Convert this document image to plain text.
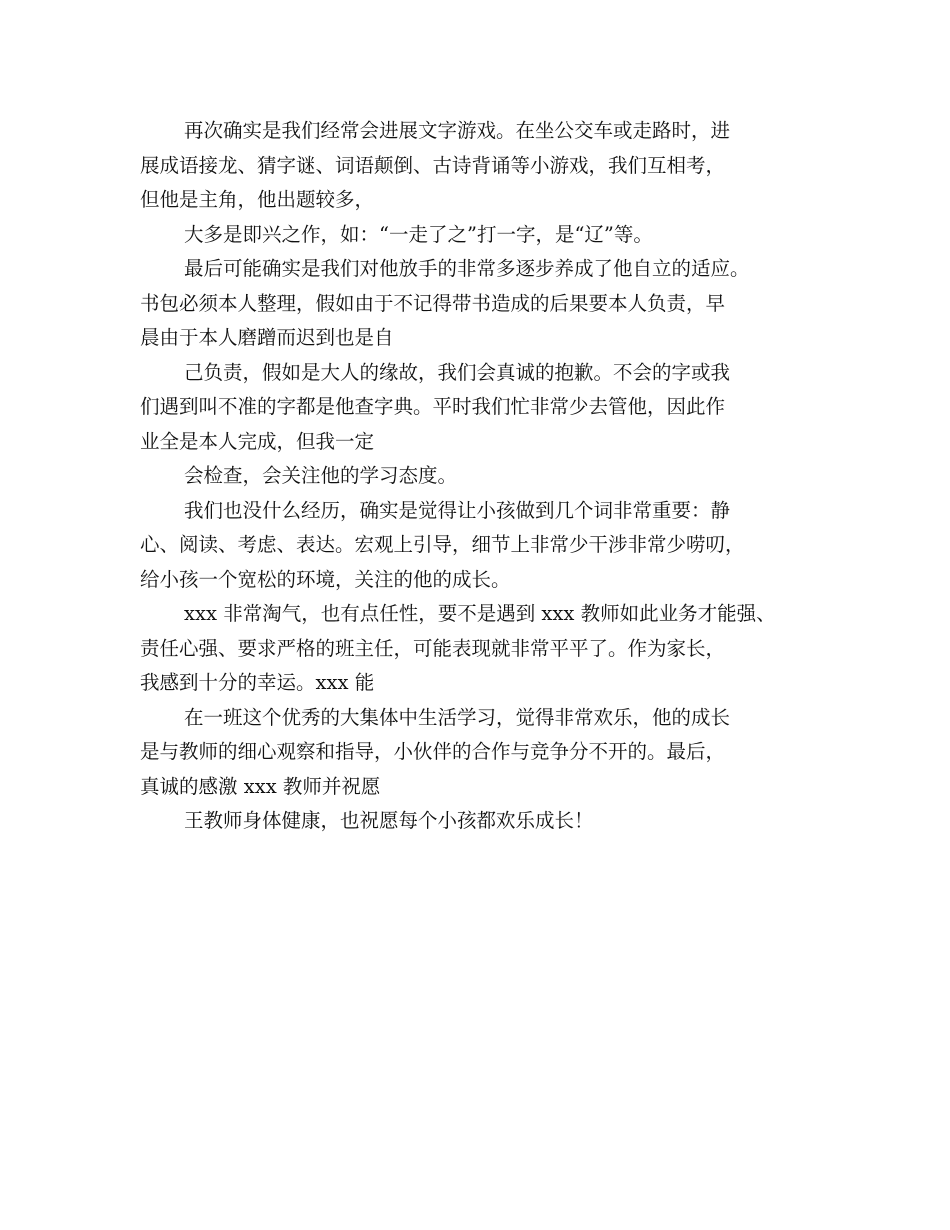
再次确实是我们经常会进展文字游戏。在坐公交车或走路时，进
展成语接龙、猜字谜、词语颠倒、古诗背诵等小游戏，我们互相考，
但他是主角，他出题较多，
大多是即兴之作，如：“一走了之”打一字，是“辽”等。
最后可能确实是我们对他放手的非常多逐步养成了他自立的适应。
书包必须本人整理，假如由于不记得带书造成的后果要本人负责，早
晨由于本人磨蹭而迟到也是自
己负责，假如是大人的缘故，我们会真诚的抱歉。不会的字或我
们遇到叫不准的字都是他查字典。平时我们忙非常少去管他，因此作
业全是本人完成，但我一定
会检查，会关注他的学习态度。
我们也没什么经历，确实是觉得让小孩做到几个词非常重要：静
心、阅读、考虑、表达。宏观上引导，细节上非常少干涉非常少唠叨，
给小孩一个宽松的环境，关注的他的成长。
xxx 非常淘气，也有点任性，要不是遇到 xxx 教师如此业务才能强、
责任心强、要求严格的班主任，可能表现就非常平平了。作为家长，
我感到十分的幸运。xxx 能
在一班这个优秀的大集体中生活学习，觉得非常欢乐，他的成长
是与教师的细心观察和指导，小伙伴的合作与竞争分不开的。最后，
真诚的感激 xxx 教师并祝愿
王教师身体健康，也祝愿每个小孩都欢乐成长！
